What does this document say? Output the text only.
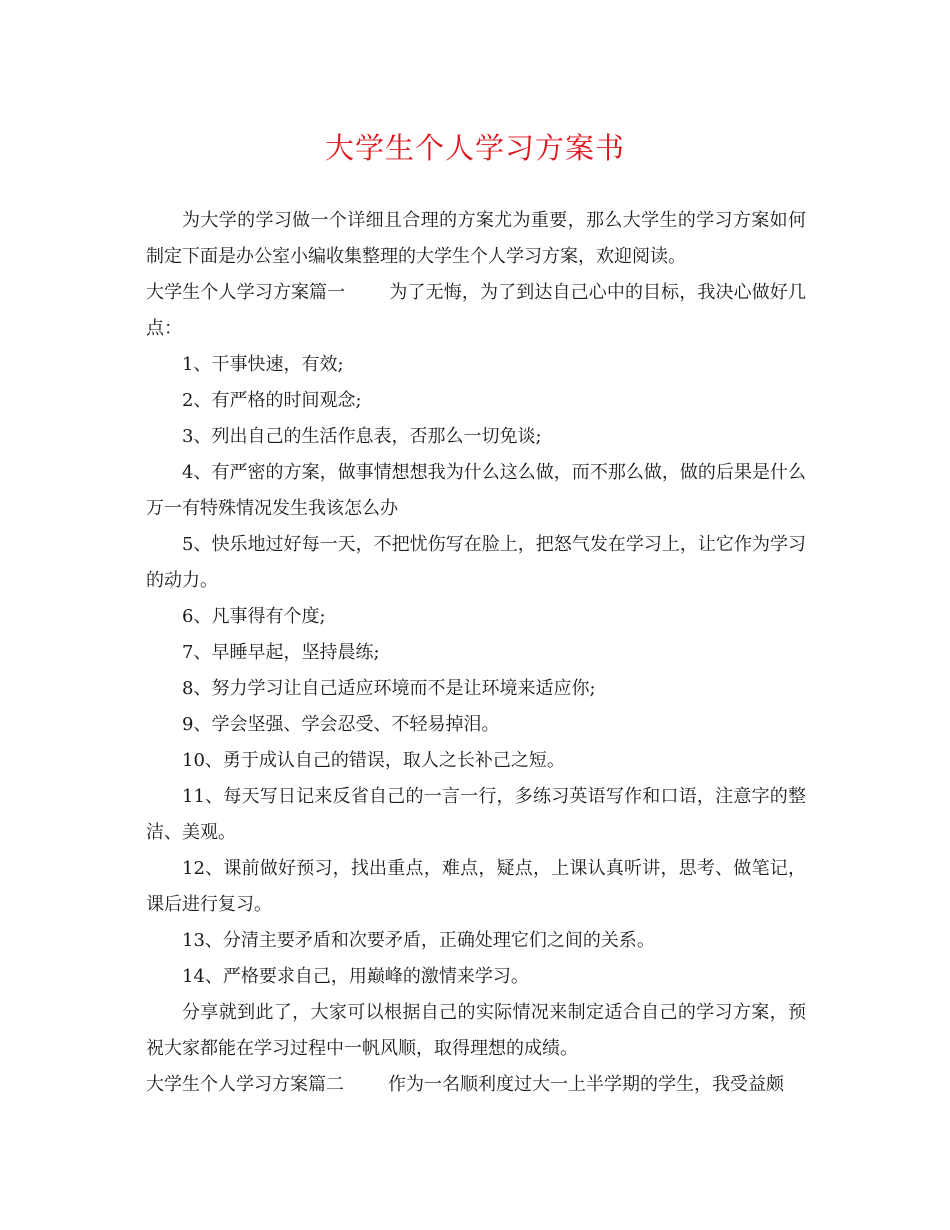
大学生个人学习方案书

为大学的学习做一个详细且合理的方案尤为重要，那么大学生的学习方案如何制定下面是办公室小编收集整理的大学生个人学习方案，欢迎阅读。

大学生个人学习方案篇一 为了无悔，为了到达自己心中的目标，我决心做好几点：

1、干事快速，有效;

2、有严格的时间观念;

3、列出自己的生活作息表，否那么一切免谈;

4、有严密的方案，做事情想想我为什么这么做，而不那么做，做的后果是什么万一有特殊情况发生我该怎么办

5、快乐地过好每一天，不把忧伤写在脸上，把怒气发在学习上，让它作为学习的动力。

6、凡事得有个度;

7、早睡早起，坚持晨练;

8、努力学习让自己适应环境而不是让环境来适应你;

9、学会坚强、学会忍受、不轻易掉泪。

10、勇于成认自己的错误，取人之长补己之短。

11、每天写日记来反省自己的一言一行，多练习英语写作和口语，注意字的整洁、美观。

12、课前做好预习，找出重点，难点，疑点，上课认真听讲，思考、做笔记，课后进行复习。

13、分清主要矛盾和次要矛盾，正确处理它们之间的关系。

14、严格要求自己，用巅峰的激情来学习。

分享就到此了，大家可以根据自己的实际情况来制定适合自己的学习方案，预祝大家都能在学习过程中一帆风顺，取得理想的成绩。

大学生个人学习方案篇二 作为一名顺利度过大一上半学期的学生，我受益颇
